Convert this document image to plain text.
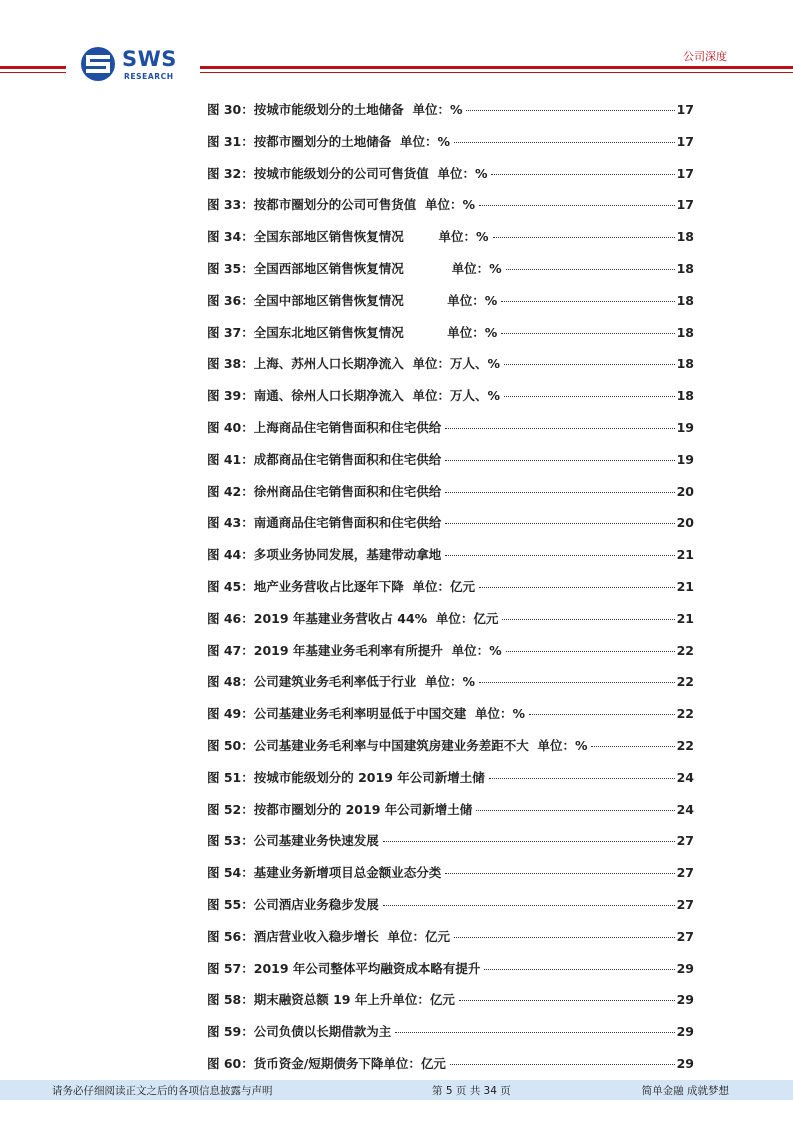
SWS
RESEARCH
公司深度
图 30：按城市能级划分的土地储备  单位：%	17
图 31：按都市圈划分的土地储备  单位：%	17
图 32：按城市能级划分的公司可售货值  单位：%	17
图 33：按都市圈划分的公司可售货值  单位：%	17
图 34：全国东部地区销售恢复情况        单位：%	18
图 35：全国西部地区销售恢复情况           单位：%	18
图 36：全国中部地区销售恢复情况          单位：%	18
图 37：全国东北地区销售恢复情况          单位：%	18
图 38：上海、苏州人口长期净流入  单位：万人、%	18
图 39：南通、徐州人口长期净流入  单位：万人、%	18
图 40：上海商品住宅销售面积和住宅供给	19
图 41：成都商品住宅销售面积和住宅供给	19
图 42：徐州商品住宅销售面积和住宅供给	20
图 43：南通商品住宅销售面积和住宅供给	20
图 44：多项业务协同发展，基建带动拿地	21
图 45：地产业务营收占比逐年下降  单位：亿元	21
图 46：2019 年基建业务营收占 44%  单位：亿元	21
图 47：2019 年基建业务毛利率有所提升  单位：%	22
图 48：公司建筑业务毛利率低于行业  单位：%	22
图 49：公司基建业务毛利率明显低于中国交建  单位：%	22
图 50：公司基建业务毛利率与中国建筑房建业务差距不大  单位：%	22
图 51：按城市能级划分的 2019 年公司新增土储	24
图 52：按都市圈划分的 2019 年公司新增土储	24
图 53：公司基建业务快速发展	27
图 54：基建业务新增项目总金额业态分类	27
图 55：公司酒店业务稳步发展	27
图 56：酒店营业收入稳步增长  单位：亿元	27
图 57：2019 年公司整体平均融资成本略有提升	29
图 58：期末融资总额 19 年上升单位：亿元	29
图 59：公司负债以长期借款为主	29
图 60：货币资金/短期债务下降单位：亿元	29
请务必仔细阅读正文之后的各项信息披露与声明	第 5 页 共 34 页	简单金融 成就梦想
